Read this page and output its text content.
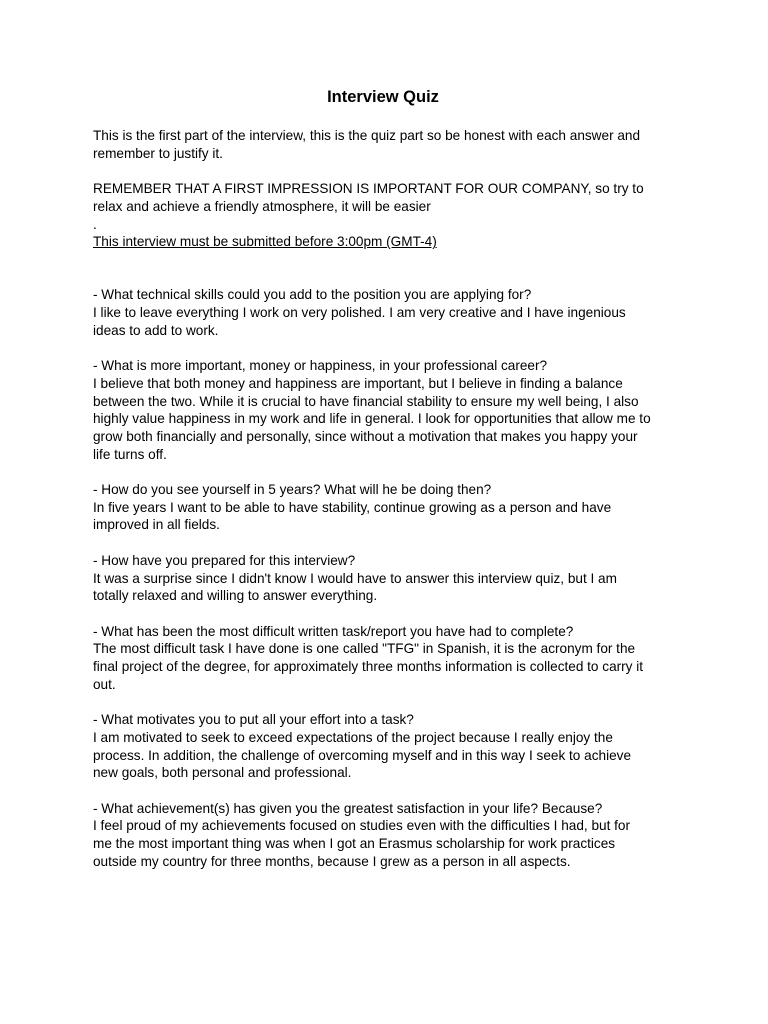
Interview Quiz

This is the first part of the interview, this is the quiz part so be honest with each answer and
remember to justify it.

REMEMBER THAT A FIRST IMPRESSION IS IMPORTANT FOR OUR COMPANY, so try to
relax and achieve a friendly atmosphere, it will be easier

.

This interview must be submitted before 3:00pm (GMT-4)

- What technical skills could you add to the position you are applying for?

I like to leave everything I work on very polished. I am very creative and I have ingenious
ideas to add to work.

- What is more important, money or happiness, in your professional career?

I believe that both money and happiness are important, but I believe in finding a balance
between the two. While it is crucial to have financial stability to ensure my well being, I also
highly value happiness in my work and life in general. I look for opportunities that allow me to
grow both financially and personally, since without a motivation that makes you happy your
life turns off.

- How do you see yourself in 5 years? What will he be doing then?

In five years I want to be able to have stability, continue growing as a person and have
improved in all fields.

- How have you prepared for this interview?

It was a surprise since I didn't know I would have to answer this interview quiz, but I am
totally relaxed and willing to answer everything.

- What has been the most difficult written task/report you have had to complete?

The most difficult task I have done is one called "TFG" in Spanish, it is the acronym for the
final project of the degree, for approximately three months information is collected to carry it
out.

- What motivates you to put all your effort into a task?

I am motivated to seek to exceed expectations of the project because I really enjoy the
process. In addition, the challenge of overcoming myself and in this way I seek to achieve
new goals, both personal and professional.

- What achievement(s) has given you the greatest satisfaction in your life? Because?

I feel proud of my achievements focused on studies even with the difficulties I had, but for
me the most important thing was when I got an Erasmus scholarship for work practices
outside my country for three months, because I grew as a person in all aspects.
